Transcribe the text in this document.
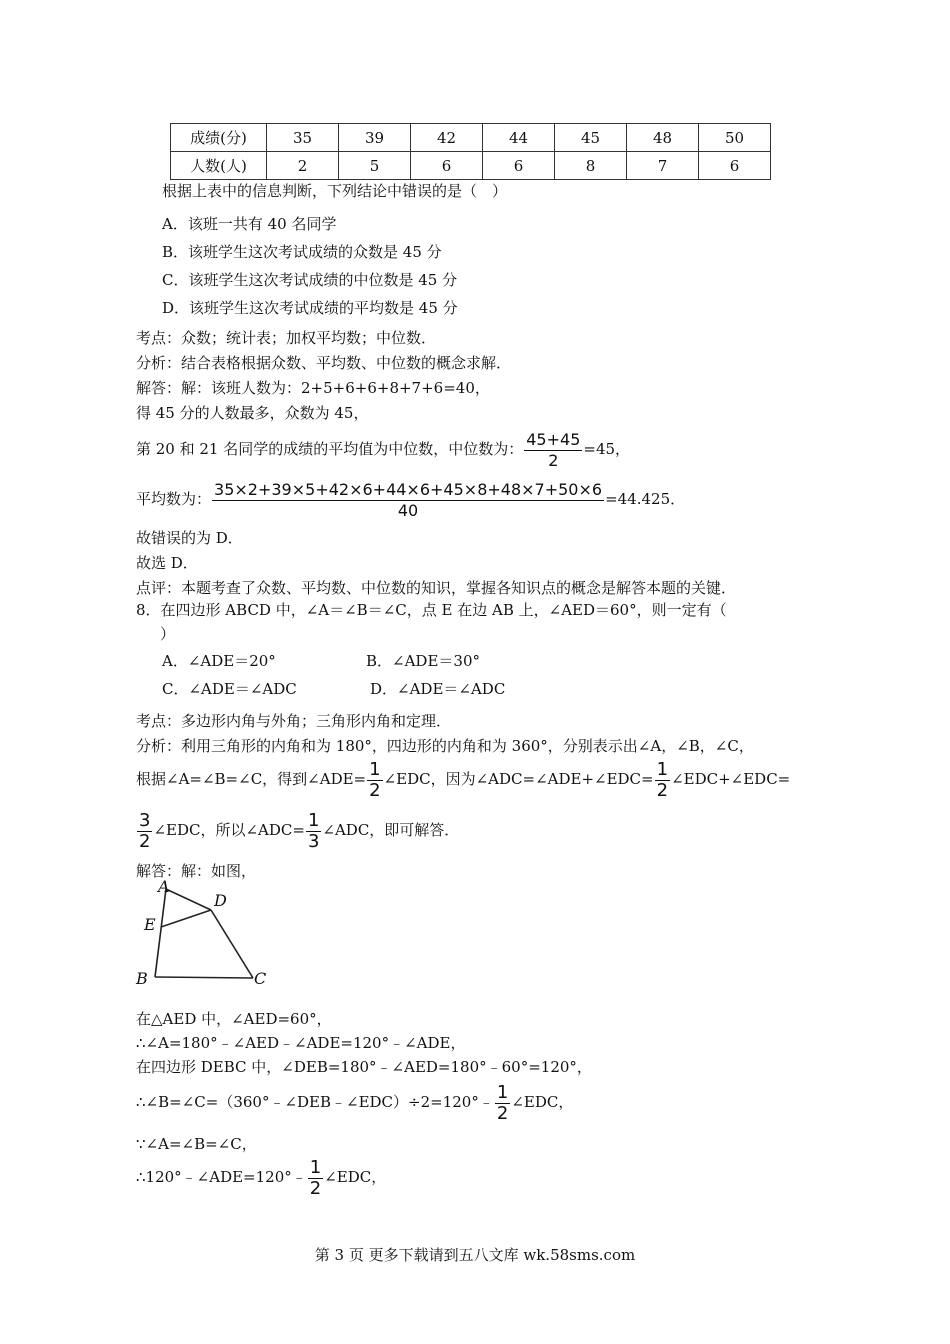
成绩(分)	35	39	42	44	45	48	50
人数(人)	2	5	6	6	8	7	6
根据上表中的信息判断，下列结论中错误的是（　）
A．该班一共有 40 名同学
B．该班学生这次考试成绩的众数是 45 分
C．该班学生这次考试成绩的中位数是 45 分
D．该班学生这次考试成绩的平均数是 45 分
考点：众数；统计表；加权平均数；中位数．
分析：结合表格根据众数、平均数、中位数的概念求解．
解答：解：该班人数为：2+5+6+6+8+7+6=40，
得 45 分的人数最多，众数为 45，
第 20 和 21 名同学的成绩的平均值为中位数，中位数为： $\frac{45+45}{2} =45$，
平均数为： $\frac{35\times 2+39\times 5+42\times 6+44\times 6+45\times 8+48\times 7+50\times 6}{40} =44.425$．
故错误的为 D．
故选 D．
点评：本题考查了众数、平均数、中位数的知识，掌握各知识点的概念是解答本题的关键．
8．在四边形 ABCD 中，∠A＝∠B＝∠C，点 E 在边 AB 上，∠AED＝60°，则一定有（
）
A．∠ADE＝20°	B．∠ADE＝30°
C．∠ADE＝∠ADC	D．∠ADE＝∠ADC
考点：多边形内角与外角；三角形内角和定理．
分析：利用三角形的内角和为 180°，四边形的内角和为 360°，分别表示出∠A，∠B，∠C，
根据∠A=∠B=∠C，得到∠ADE= $\frac{1}{2}$ ∠EDC，因为∠ADC=∠ADE+∠EDC= $\frac{1}{2}$ ∠EDC+∠EDC=
$\frac{3}{2}$ ∠EDC，所以∠ADC= $\frac{1}{3}$ ∠ADC，即可解答．
解答：解：如图，
A
D
E
B	C
在△AED 中，∠AED=60°，
∴∠A=180°﹣∠AED﹣∠ADE=120°﹣∠ADE，
在四边形 DEBC 中，∠DEB=180°﹣∠AED=180°﹣60°=120°，
∴∠B=∠C=（360°﹣∠DEB﹣∠EDC）÷2=120°﹣ $\frac{1}{2}$ ∠EDC，
∵∠A=∠B=∠C，
∴120°﹣∠ADE=120°﹣ $\frac{1}{2}$ ∠EDC，
第 3 页 更多下载请到五八文库 wk.58sms.com
